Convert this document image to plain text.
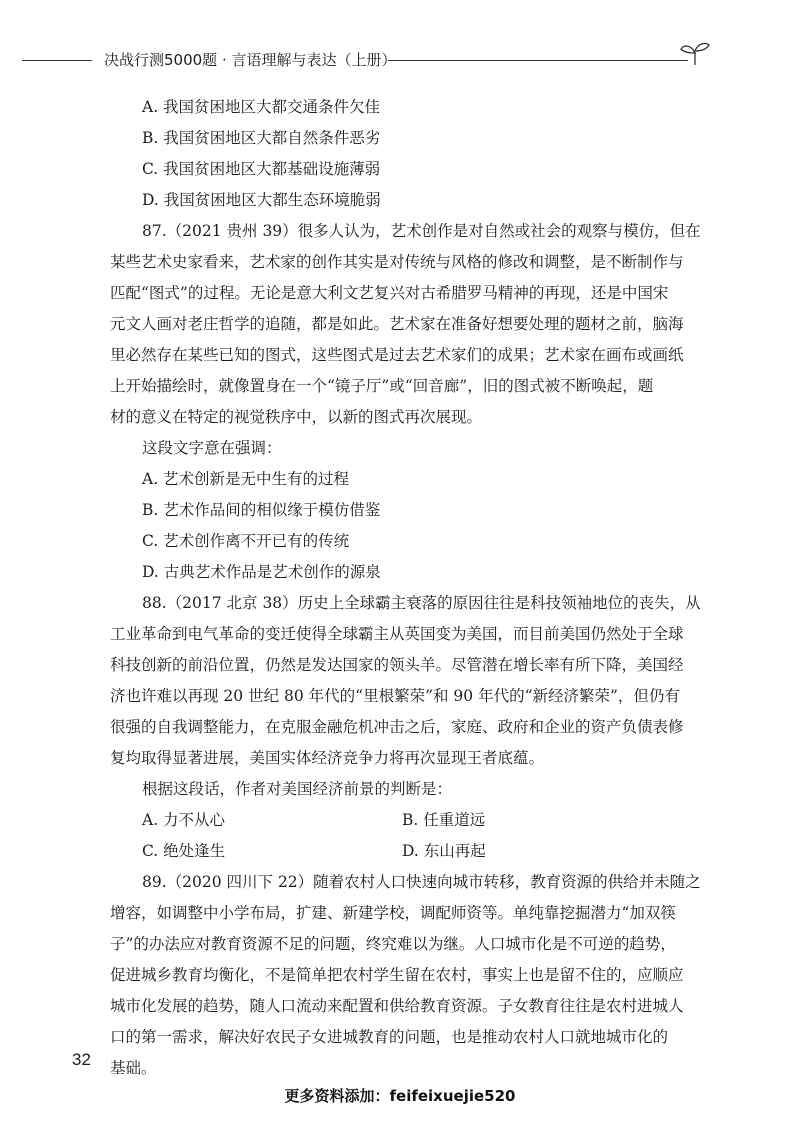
决战行测5000题 · 言语理解与表达（上册）
A. 我国贫困地区大都交通条件欠佳
B. 我国贫困地区大都自然条件恶劣
C. 我国贫困地区大都基础设施薄弱
D. 我国贫困地区大都生态环境脆弱
87.（2021 贵州 39）很多人认为，艺术创作是对自然或社会的观察与模仿，但在
某些艺术史家看来，艺术家的创作其实是对传统与风格的修改和调整，是不断制作与
匹配“图式”的过程。无论是意大利文艺复兴对古希腊罗马精神的再现，还是中国宋
元文人画对老庄哲学的追随，都是如此。艺术家在准备好想要处理的题材之前，脑海
里必然存在某些已知的图式，这些图式是过去艺术家们的成果；艺术家在画布或画纸
上开始描绘时，就像置身在一个“镜子厅”或“回音廊”，旧的图式被不断唤起，题
材的意义在特定的视觉秩序中，以新的图式再次展现。
这段文字意在强调：
A. 艺术创新是无中生有的过程
B. 艺术作品间的相似缘于模仿借鉴
C. 艺术创作离不开已有的传统
D. 古典艺术作品是艺术创作的源泉
88.（2017 北京 38）历史上全球霸主衰落的原因往往是科技领袖地位的丧失，从
工业革命到电气革命的变迁使得全球霸主从英国变为美国，而目前美国仍然处于全球
科技创新的前沿位置，仍然是发达国家的领头羊。尽管潜在增长率有所下降，美国经
济也许难以再现 20 世纪 80 年代的“里根繁荣”和 90 年代的“新经济繁荣”，但仍有
很强的自我调整能力，在克服金融危机冲击之后，家庭、政府和企业的资产负债表修
复均取得显著进展，美国实体经济竞争力将再次显现王者底蕴。
根据这段话，作者对美国经济前景的判断是：
A. 力不从心	B. 任重道远
C. 绝处逢生	D. 东山再起
89.（2020 四川下 22）随着农村人口快速向城市转移，教育资源的供给并未随之
增容，如调整中小学布局，扩建、新建学校，调配师资等。单纯靠挖掘潜力“加双筷
子”的办法应对教育资源不足的问题，终究难以为继。人口城市化是不可逆的趋势，
促进城乡教育均衡化，不是简单把农村学生留在农村，事实上也是留不住的，应顺应
城市化发展的趋势，随人口流动来配置和供给教育资源。子女教育往往是农村进城人
口的第一需求，解决好农民子女进城教育的问题，也是推动农村人口就地城市化的
基础。
32
更多资料添加：feifeixuejie520
